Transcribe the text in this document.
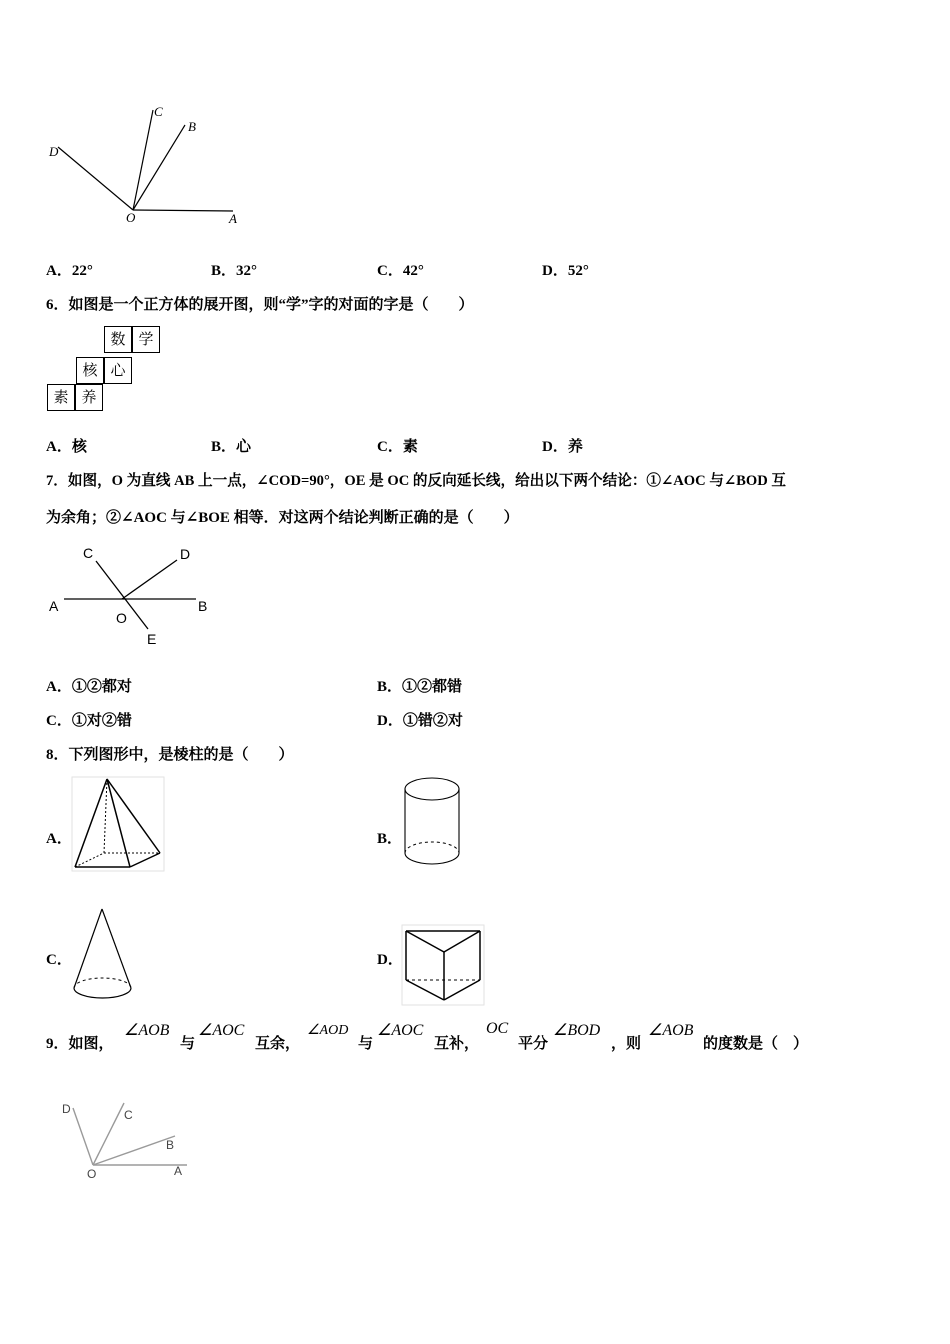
C
B
D
O	A
A．22°	B．32°	C．42°	D．52°
6．如图是一个正方体的展开图，则“学”字的对面的字是（　　）
数 学
核 心
素 养
A．核	B．心	C．素	D．养
7．如图，O 为直线 AB 上一点，∠COD=90°，OE 是 OC 的反向延长线，给出以下两个结论：①∠AOC 与∠BOD 互
为余角；②∠AOC 与∠BOE 相等．对这两个结论判断正确的是（　　）
C	D
A	B
O
E
A．①②都对	B．①②都错
C．①对②错	D．①错②对
8．下列图形中，是棱柱的是（　　）
A．	B．
C．	D．
9．如图，
∠AOB
与
∠AOC
互余，
∠AOD
与
∠AOC
互补，
OC
平分
∠BOD
，则
∠AOB
的度数是（　）
D	C
B
O	A
